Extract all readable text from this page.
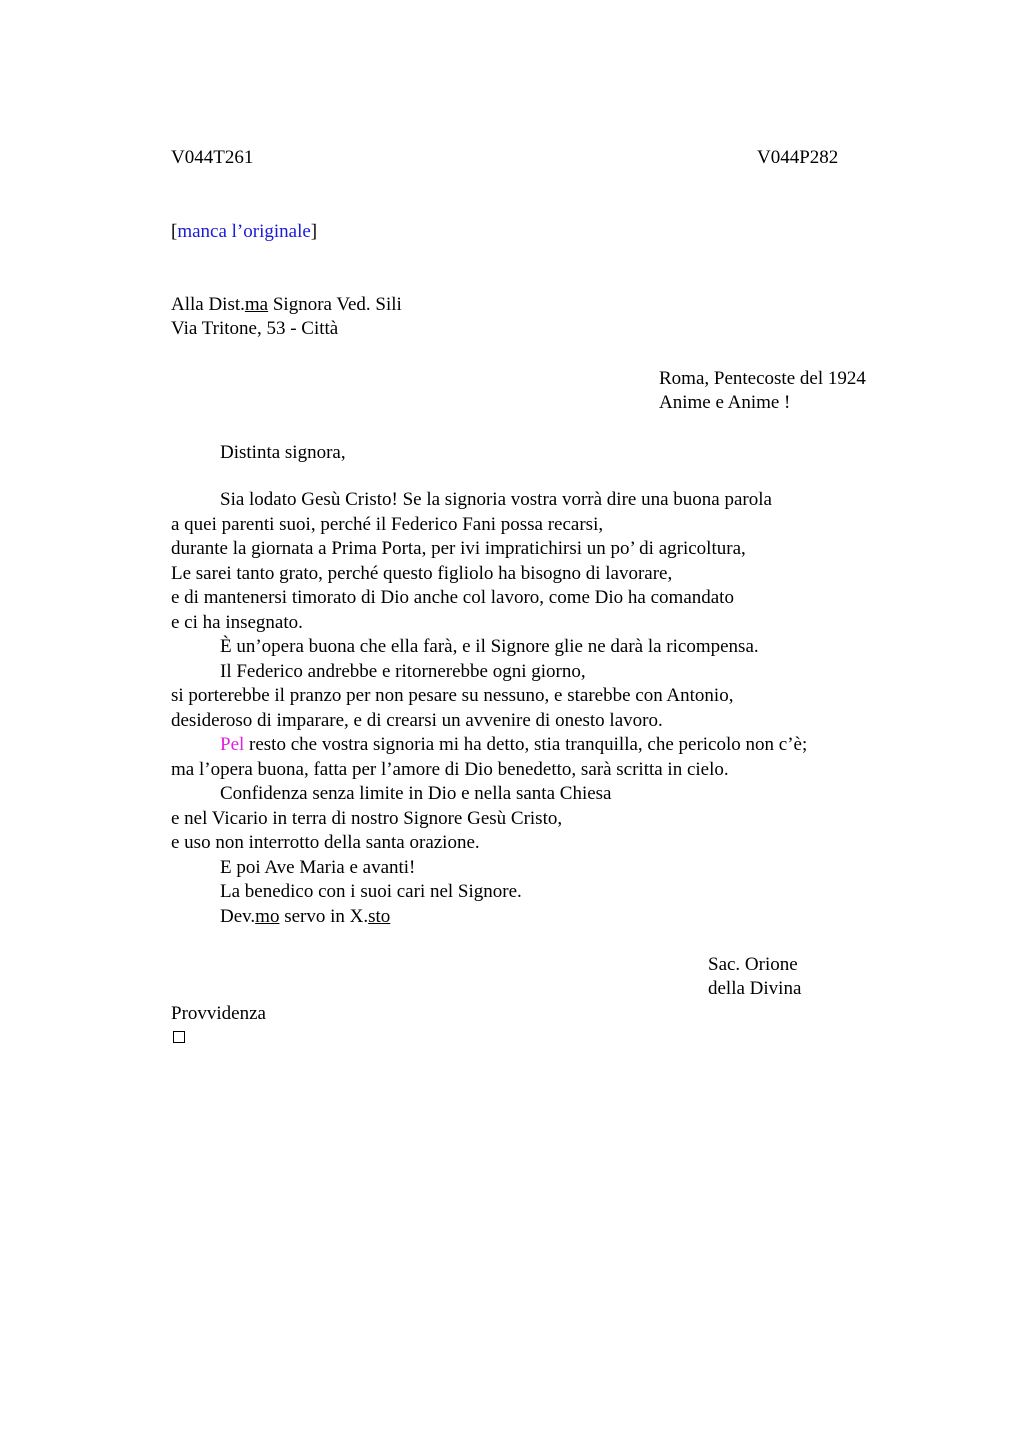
V044T261	V044P282
[manca l’originale]
Alla Dist.ma Signora Ved. Sili
Via Tritone, 53 - Città
Roma, Pentecoste del 1924
Anime e Anime !
Distinta signora,
Sia lodato Gesù Cristo! Se la signoria vostra vorrà dire una buona parola
a quei parenti suoi, perché il Federico Fani possa recarsi,
durante la giornata a Prima Porta, per ivi impratichirsi un po’ di agricoltura,
Le sarei tanto grato, perché questo figliolo ha bisogno di lavorare,
e di mantenersi timorato di Dio anche col lavoro, come Dio ha comandato
e ci ha insegnato.
È un’opera buona che ella farà, e il Signore glie ne darà la ricompensa.
Il Federico andrebbe e ritornerebbe ogni giorno,
si porterebbe il pranzo per non pesare su nessuno, e starebbe con Antonio,
desideroso di imparare, e di crearsi un avvenire di onesto lavoro.
Pel resto che vostra signoria mi ha detto, stia tranquilla, che pericolo non c’è;
ma l’opera buona, fatta per l’amore di Dio benedetto, sarà scritta in cielo.
Confidenza senza limite in Dio e nella santa Chiesa
e nel Vicario in terra di nostro Signore Gesù Cristo,
e uso non interrotto della santa orazione.
E poi Ave Maria e avanti!
La benedico con i suoi cari nel Signore.
Dev.mo servo in X.sto
Sac. Orione
della Divina
Provvidenza
